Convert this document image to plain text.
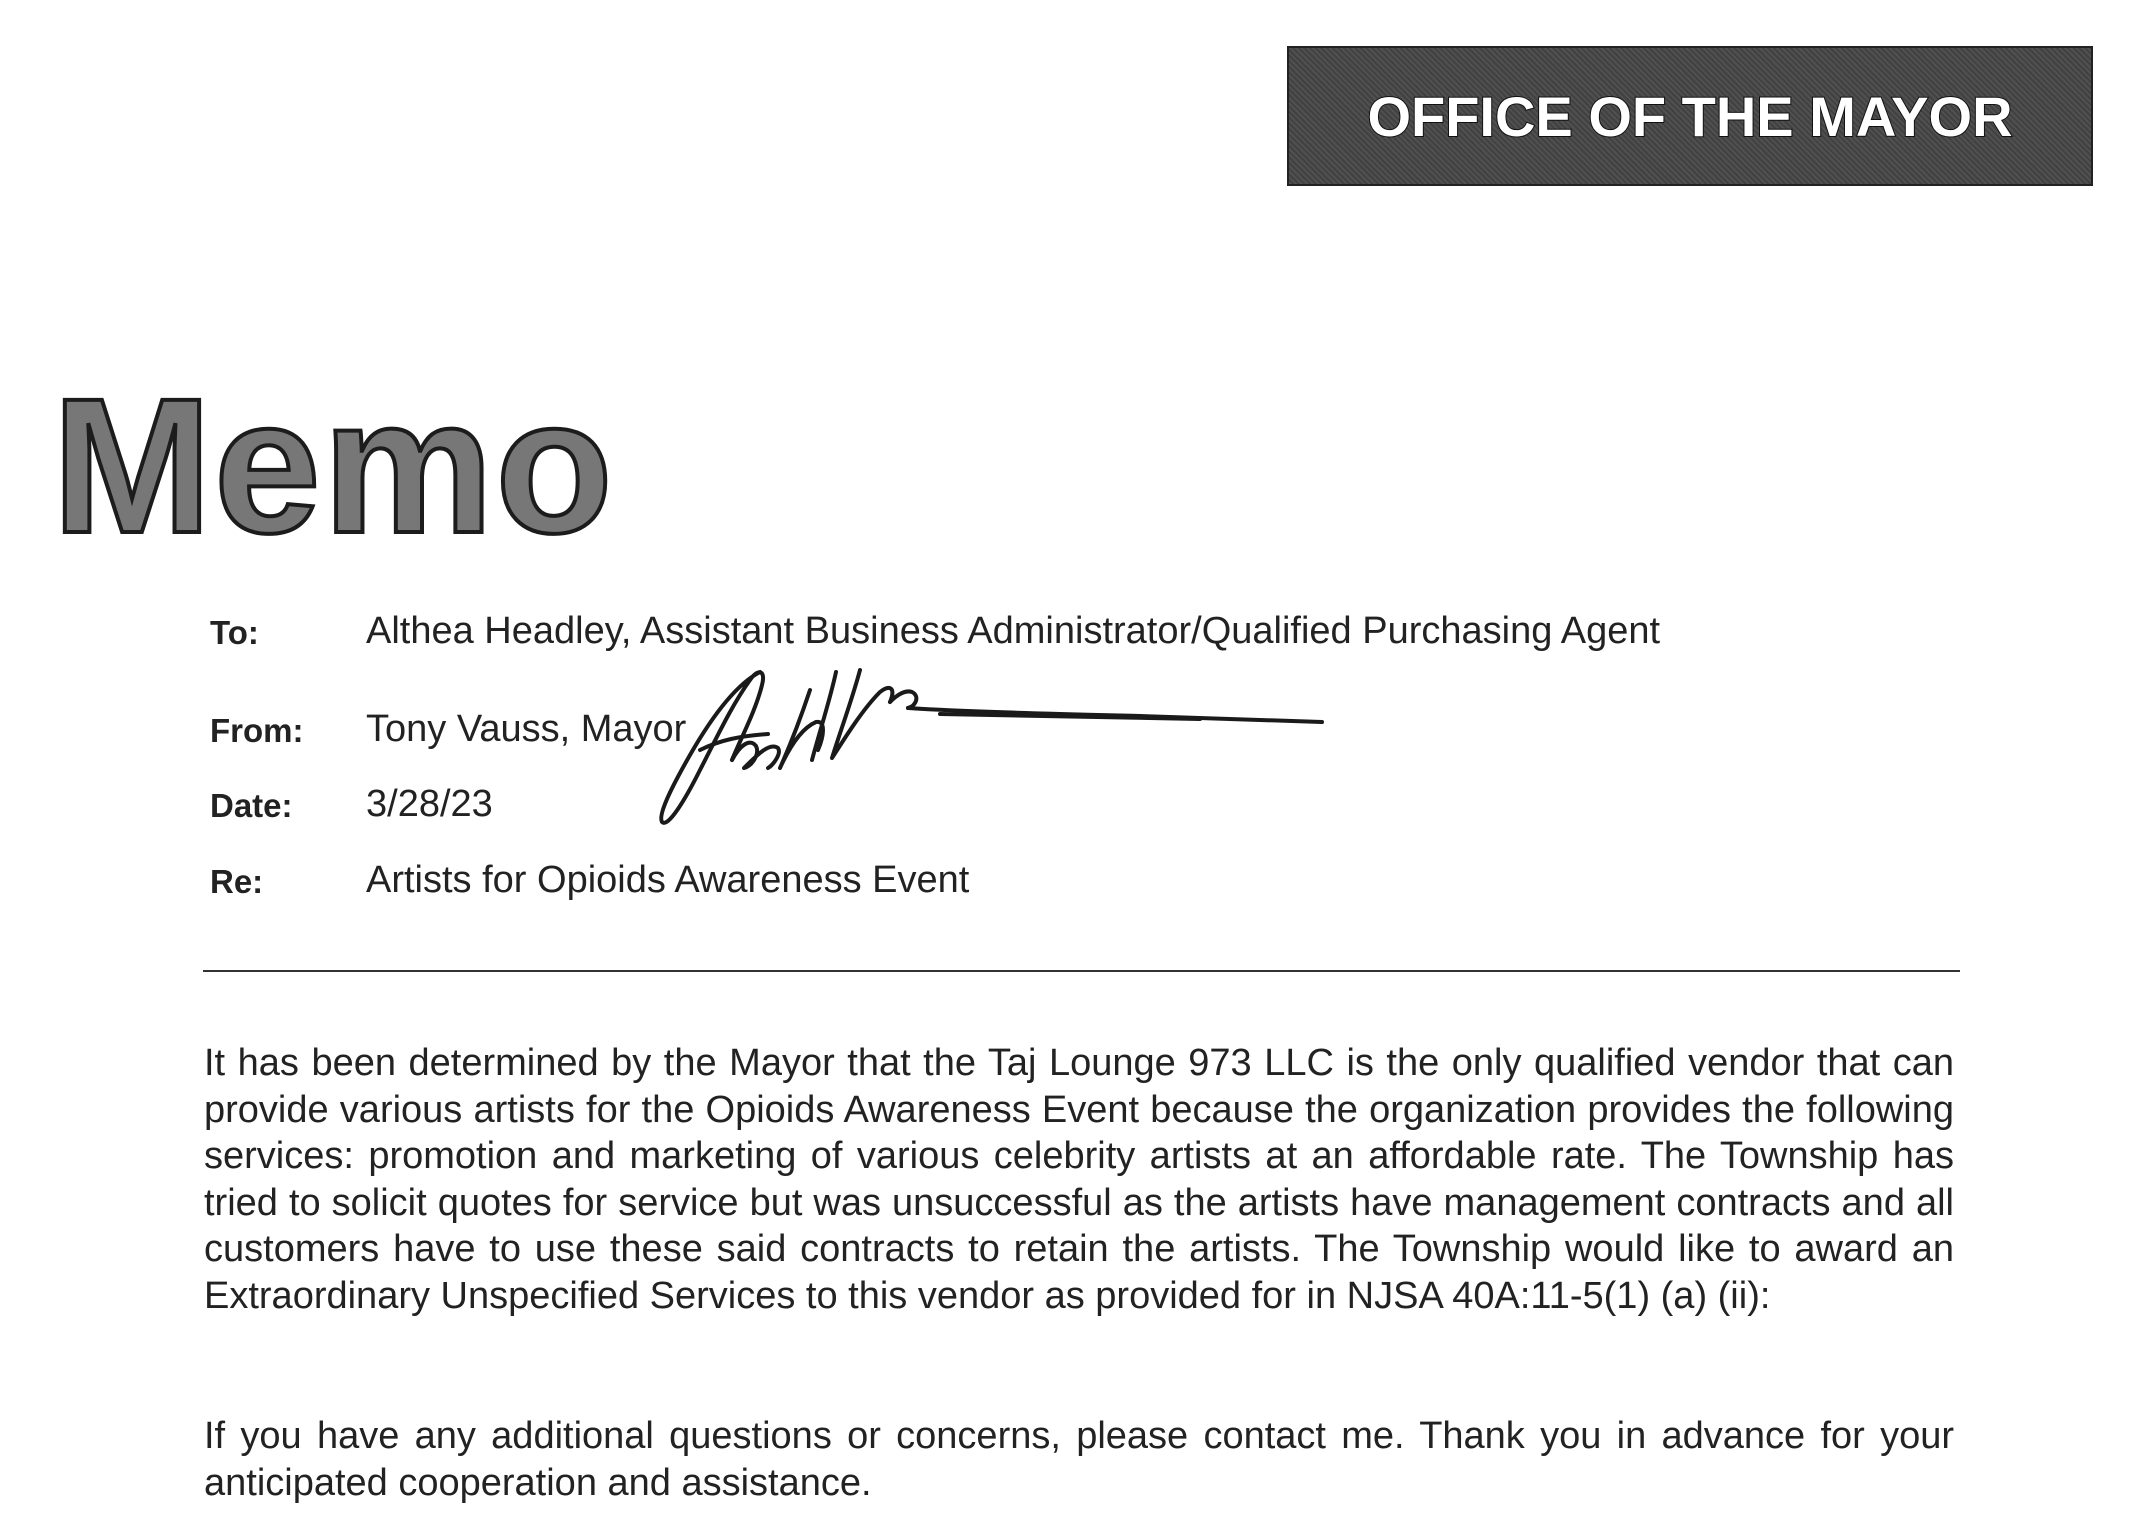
OFFICE OF THE MAYOR
Memo
To:	Althea Headley, Assistant Business Administrator/Qualified Purchasing Agent
From: Tony Vauss, Mayor
Date: 3/28/23
Re:	Artists for Opioids Awareness Event

It has been determined by the Mayor that the Taj Lounge 973 LLC is the only qualified vendor that can provide various artists for the Opioids Awareness Event because the organization provides the following services: promotion and marketing of various celebrity artists at an affordable rate. The Township has tried to solicit quotes for service but was unsuccessful as the artists have management contracts and all customers have to use these said contracts to retain the artists. The Township would like to award an Extraordinary Unspecified Services to this vendor as provided for in NJSA 40A:11-5(1) (a) (ii):

If you have any additional questions or concerns, please contact me. Thank you in advance for your anticipated cooperation and assistance.
